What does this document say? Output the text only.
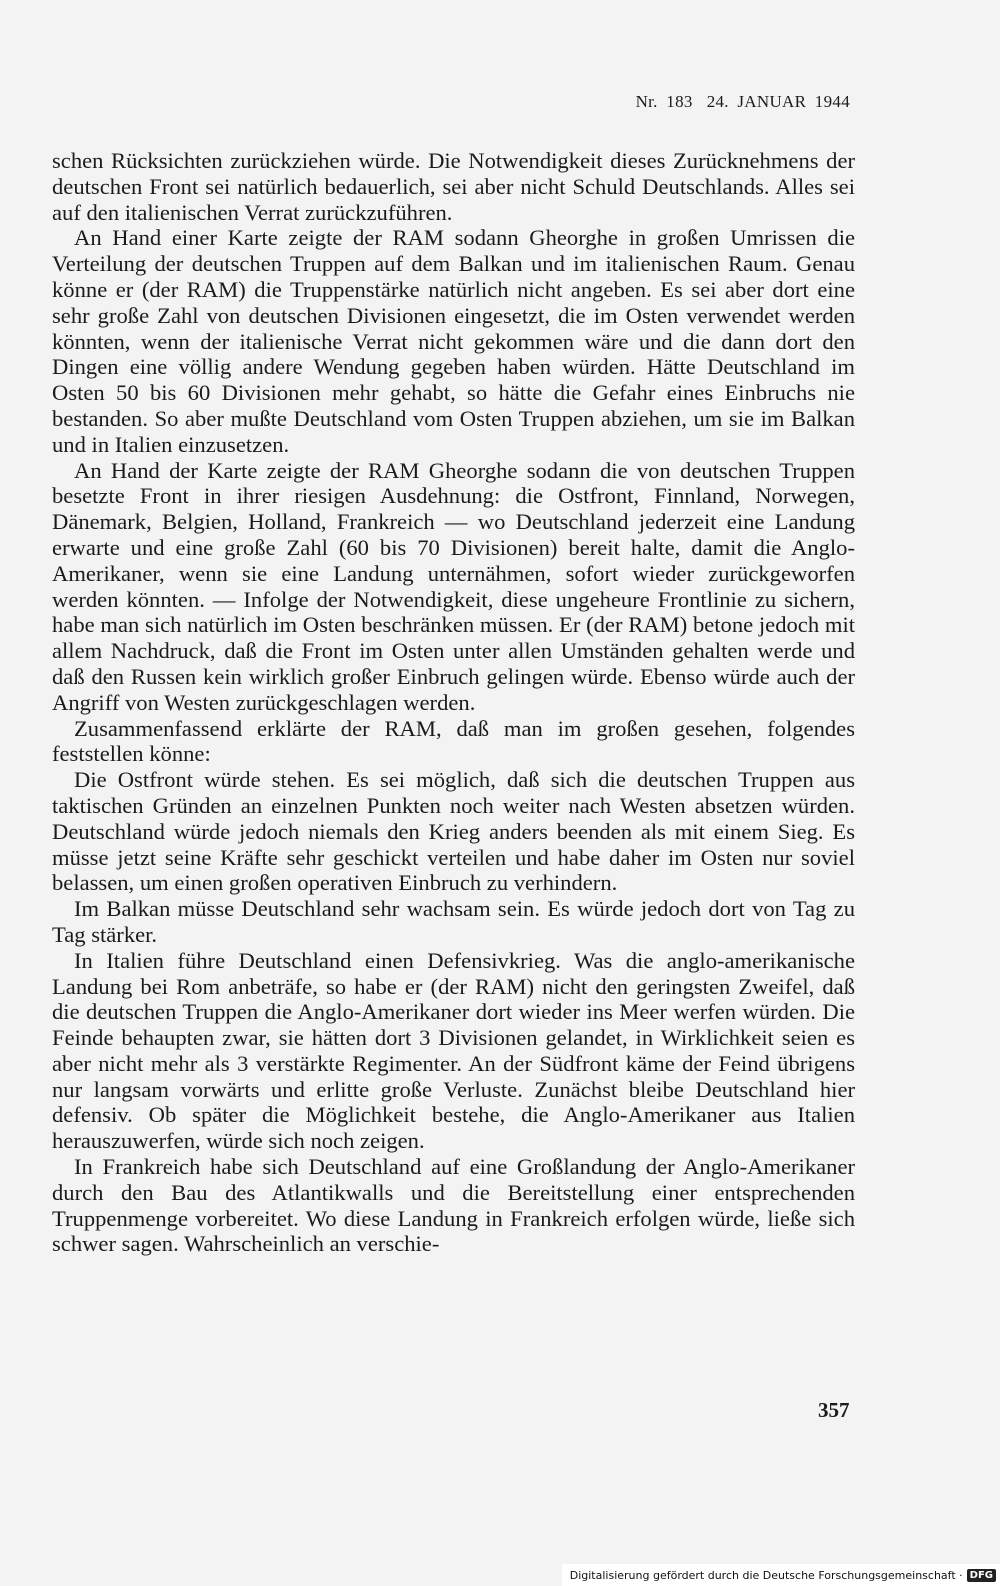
Nr. 183 24. JANUAR 1944

schen Rücksichten zurückziehen würde. Die Notwendigkeit dieses Zurücknehmens der deutschen Front sei natürlich bedauerlich, sei aber nicht Schuld Deutschlands. Alles sei auf den italienischen Verrat zurückzuführen.

An Hand einer Karte zeigte der RAM sodann Gheorghe in großen Umrissen die Verteilung der deutschen Truppen auf dem Balkan und im italienischen Raum. Genau könne er (der RAM) die Truppenstärke natürlich nicht angeben. Es sei aber dort eine sehr große Zahl von deutschen Divisionen eingesetzt, die im Osten verwendet werden könnten, wenn der italienische Verrat nicht gekommen wäre und die dann dort den Dingen eine völlig andere Wendung gegeben haben würden. Hätte Deutschland im Osten 50 bis 60 Divisionen mehr gehabt, so hätte die Gefahr eines Einbruchs nie bestanden. So aber mußte Deutschland vom Osten Truppen abziehen, um sie im Balkan und in Italien einzusetzen.

An Hand der Karte zeigte der RAM Gheorghe sodann die von deutschen Truppen besetzte Front in ihrer riesigen Ausdehnung: die Ostfront, Finnland, Norwegen, Dänemark, Belgien, Holland, Frankreich — wo Deutschland jederzeit eine Landung erwarte und eine große Zahl (60 bis 70 Divisionen) bereit halte, damit die Anglo-Amerikaner, wenn sie eine Landung unternähmen, sofort wieder zurückgeworfen werden könnten. — Infolge der Notwendigkeit, diese ungeheure Frontlinie zu sichern, habe man sich natürlich im Osten beschränken müssen. Er (der RAM) betone jedoch mit allem Nachdruck, daß die Front im Osten unter allen Umständen gehalten werde und daß den Russen kein wirklich großer Einbruch gelingen würde. Ebenso würde auch der Angriff von Westen zurückgeschlagen werden.

Zusammenfassend erklärte der RAM, daß man im großen gesehen, folgendes feststellen könne:

Die Ostfront würde stehen. Es sei möglich, daß sich die deutschen Truppen aus taktischen Gründen an einzelnen Punkten noch weiter nach Westen absetzen würden. Deutschland würde jedoch niemals den Krieg anders beenden als mit einem Sieg. Es müsse jetzt seine Kräfte sehr geschickt verteilen und habe daher im Osten nur soviel belassen, um einen großen operativen Einbruch zu verhindern.

Im Balkan müsse Deutschland sehr wachsam sein. Es würde jedoch dort von Tag zu Tag stärker.

In Italien führe Deutschland einen Defensivkrieg. Was die anglo-amerikanische Landung bei Rom anbeträfe, so habe er (der RAM) nicht den geringsten Zweifel, daß die deutschen Truppen die Anglo-Amerikaner dort wieder ins Meer werfen würden. Die Feinde behaupten zwar, sie hätten dort 3 Divisionen gelandet, in Wirklichkeit seien es aber nicht mehr als 3 verstärkte Regimenter. An der Südfront käme der Feind übrigens nur langsam vorwärts und erlitte große Verluste. Zunächst bleibe Deutschland hier defensiv. Ob später die Möglichkeit bestehe, die Anglo-Amerikaner aus Italien herauszuwerfen, würde sich noch zeigen.

In Frankreich habe sich Deutschland auf eine Großlandung der Anglo-Amerikaner durch den Bau des Atlantikwalls und die Bereitstellung einer entsprechenden Truppenmenge vorbereitet. Wo diese Landung in Frankreich erfolgen würde, ließe sich schwer sagen. Wahrscheinlich an verschie-

357
Digitalisierung gefördert durch die Deutsche Forschungsgemeinschaft · DFG
